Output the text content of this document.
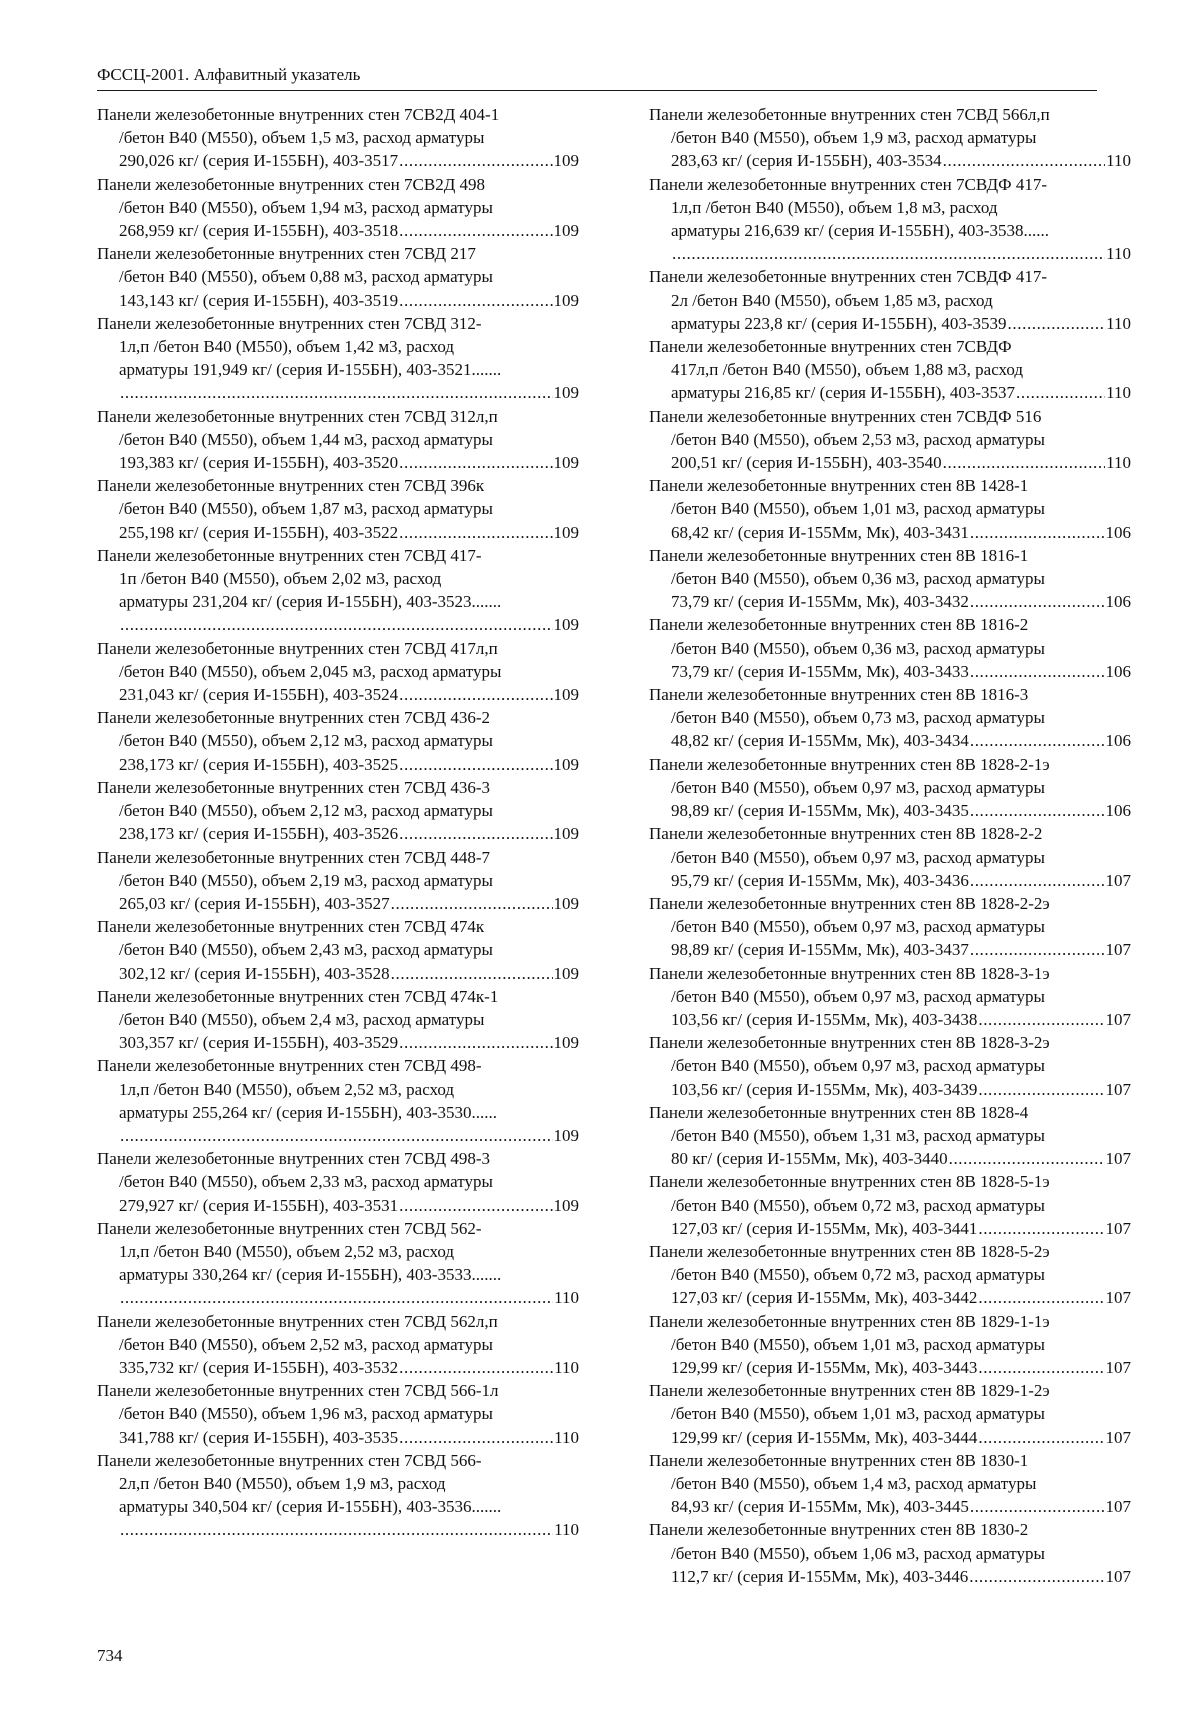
ФССЦ-2001. Алфавитный указатель
Панели железобетонные внутренних стен 7СВ2Д 404-1
/бетон В40 (М550), объем 1,5 м3, расход арматуры
290,026 кг/ (серия И-155БН), 403-3517 .....	109
Панели железобетонные внутренних стен 7СВ2Д 498
/бетон В40 (М550), объем 1,94 м3, расход арматуры
268,959 кг/ (серия И-155БН), 403-3518 .....	109
Панели железобетонные внутренних стен 7СВД 217
/бетон В40 (М550), объем 0,88 м3, расход арматуры
143,143 кг/ (серия И-155БН), 403-3519 .....	109
Панели железобетонные внутренних стен 7СВД 312-
1л,п /бетон В40 (М550), объем 1,42 м3, расход
арматуры 191,949 кг/ (серия И-155БН), 403-3521.......
.....
109
Панели железобетонные внутренних стен 7СВД 312л,п
/бетон В40 (М550), объем 1,44 м3, расход арматуры
193,383 кг/ (серия И-155БН), 403-3520 .....	109
Панели железобетонные внутренних стен 7СВД 396к
/бетон В40 (М550), объем 1,87 м3, расход арматуры
255,198 кг/ (серия И-155БН), 403-3522 .....	109
Панели железобетонные внутренних стен 7СВД 417-
1п /бетон В40 (М550), объем 2,02 м3, расход
арматуры 231,204 кг/ (серия И-155БН), 403-3523.......
.....
109
Панели железобетонные внутренних стен 7СВД 417л,п
/бетон В40 (М550), объем 2,045 м3, расход арматуры
231,043 кг/ (серия И-155БН), 403-3524 .....	109
Панели железобетонные внутренних стен 7СВД 436-2
/бетон В40 (М550), объем 2,12 м3, расход арматуры
238,173 кг/ (серия И-155БН), 403-3525 .....	109
Панели железобетонные внутренних стен 7СВД 436-3
/бетон В40 (М550), объем 2,12 м3, расход арматуры
238,173 кг/ (серия И-155БН), 403-3526 .....	109
Панели железобетонные внутренних стен 7СВД 448-7
/бетон В40 (М550), объем 2,19 м3, расход арматуры
265,03 кг/ (серия И-155БН), 403-3527 .....	109
Панели железобетонные внутренних стен 7СВД 474к
/бетон В40 (М550), объем 2,43 м3, расход арматуры
302,12 кг/ (серия И-155БН), 403-3528 .....	109
Панели железобетонные внутренних стен 7СВД 474к-1
/бетон В40 (М550), объем 2,4 м3, расход арматуры
303,357 кг/ (серия И-155БН), 403-3529 .....	109
Панели железобетонные внутренних стен 7СВД 498-
1л,п /бетон В40 (М550), объем 2,52 м3, расход
арматуры 255,264 кг/ (серия И-155БН), 403-3530......
.....
109
Панели железобетонные внутренних стен 7СВД 498-3
/бетон В40 (М550), объем 2,33 м3, расход арматуры
279,927 кг/ (серия И-155БН), 403-3531 .....	109
Панели железобетонные внутренних стен 7СВД 562-
1л,п /бетон В40 (М550), объем 2,52 м3, расход
арматуры 330,264 кг/ (серия И-155БН), 403-3533.......
.....
110
Панели железобетонные внутренних стен 7СВД 562л,п
/бетон В40 (М550), объем 2,52 м3, расход арматуры
335,732 кг/ (серия И-155БН), 403-3532 .....	110
Панели железобетонные внутренних стен 7СВД 566-1л
/бетон В40 (М550), объем 1,96 м3, расход арматуры
341,788 кг/ (серия И-155БН), 403-3535 .....	110
Панели железобетонные внутренних стен 7СВД 566-
2л,п /бетон В40 (М550), объем 1,9 м3, расход
арматуры 340,504 кг/ (серия И-155БН), 403-3536.......
.....
110
Панели железобетонные внутренних стен 7СВД 566л,п
/бетон В40 (М550), объем 1,9 м3, расход арматуры
283,63 кг/ (серия И-155БН), 403-3534 .....	110
Панели железобетонные внутренних стен 7СВДФ 417-
1л,п /бетон В40 (М550), объем 1,8 м3, расход
арматуры 216,639 кг/ (серия И-155БН), 403-3538......
.....
110
Панели железобетонные внутренних стен 7СВДФ 417-
2л /бетон В40 (М550), объем 1,85 м3, расход
арматуры 223,8 кг/ (серия И-155БН), 403-3539 .....	110
Панели железобетонные внутренних стен 7СВДФ
417л,п /бетон В40 (М550), объем 1,88 м3, расход
арматуры 216,85 кг/ (серия И-155БН), 403-3537 .....	110
Панели железобетонные внутренних стен 7СВДФ 516
/бетон В40 (М550), объем 2,53 м3, расход арматуры
200,51 кг/ (серия И-155БН), 403-3540 .....	110
Панели железобетонные внутренних стен 8В 1428-1
/бетон В40 (М550), объем 1,01 м3, расход арматуры
68,42 кг/ (серия И-155Мм, Мк), 403-3431 .....	106
Панели железобетонные внутренних стен 8В 1816-1
/бетон В40 (М550), объем 0,36 м3, расход арматуры
73,79 кг/ (серия И-155Мм, Мк), 403-3432 .....	106
Панели железобетонные внутренних стен 8В 1816-2
/бетон В40 (М550), объем 0,36 м3, расход арматуры
73,79 кг/ (серия И-155Мм, Мк), 403-3433 .....	106
Панели железобетонные внутренних стен 8В 1816-3
/бетон В40 (М550), объем 0,73 м3, расход арматуры
48,82 кг/ (серия И-155Мм, Мк), 403-3434 .....	106
Панели железобетонные внутренних стен 8В 1828-2-1э
/бетон В40 (М550), объем 0,97 м3, расход арматуры
98,89 кг/ (серия И-155Мм, Мк), 403-3435 .....	106
Панели железобетонные внутренних стен 8В 1828-2-2
/бетон В40 (М550), объем 0,97 м3, расход арматуры
95,79 кг/ (серия И-155Мм, Мк), 403-3436 .....	107
Панели железобетонные внутренних стен 8В 1828-2-2э
/бетон В40 (М550), объем 0,97 м3, расход арматуры
98,89 кг/ (серия И-155Мм, Мк), 403-3437 .....	107
Панели железобетонные внутренних стен 8В 1828-3-1э
/бетон В40 (М550), объем 0,97 м3, расход арматуры
103,56 кг/ (серия И-155Мм, Мк), 403-3438 .....	107
Панели железобетонные внутренних стен 8В 1828-3-2э
/бетон В40 (М550), объем 0,97 м3, расход арматуры
103,56 кг/ (серия И-155Мм, Мк), 403-3439 .....	107
Панели железобетонные внутренних стен 8В 1828-4
/бетон В40 (М550), объем 1,31 м3, расход арматуры
80 кг/ (серия И-155Мм, Мк), 403-3440 .....	107
Панели железобетонные внутренних стен 8В 1828-5-1э
/бетон В40 (М550), объем 0,72 м3, расход арматуры
127,03 кг/ (серия И-155Мм, Мк), 403-3441 .....	107
Панели железобетонные внутренних стен 8В 1828-5-2э
/бетон В40 (М550), объем 0,72 м3, расход арматуры
127,03 кг/ (серия И-155Мм, Мк), 403-3442 .....	107
Панели железобетонные внутренних стен 8В 1829-1-1э
/бетон В40 (М550), объем 1,01 м3, расход арматуры
129,99 кг/ (серия И-155Мм, Мк), 403-3443 .....	107
Панели железобетонные внутренних стен 8В 1829-1-2э
/бетон В40 (М550), объем 1,01 м3, расход арматуры
129,99 кг/ (серия И-155Мм, Мк), 403-3444 .....	107
Панели железобетонные внутренних стен 8В 1830-1
/бетон В40 (М550), объем 1,4 м3, расход арматуры
84,93 кг/ (серия И-155Мм, Мк), 403-3445 .....	107
Панели железобетонные внутренних стен 8В 1830-2
/бетон В40 (М550), объем 1,06 м3, расход арматуры
112,7 кг/ (серия И-155Мм, Мк), 403-3446 .....	107
734
